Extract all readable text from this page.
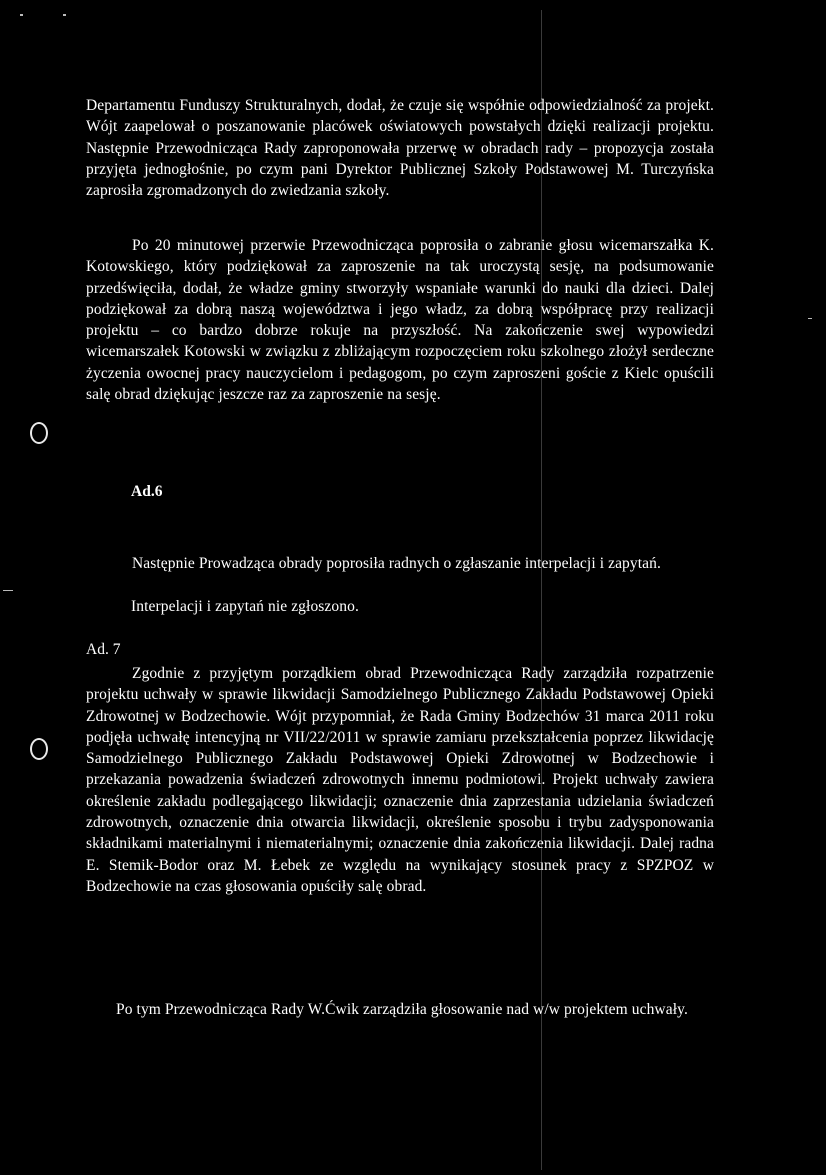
Departamentu Funduszy Strukturalnych, dodał, że czuje się współnie odpowiedzialność za projekt. Wójt zaapelował o poszanowanie placówek oświatowych powstałych dzięki realizacji projektu. Następnie Przewodnicząca Rady zaproponowała przerwę w obradach rady – propozycja została przyjęta jednogłośnie, po czym pani Dyrektor Publicznej Szkoły Podstawowej M. Turczyńska zaprosiła zgromadzonych do zwiedzania szkoły.
Po 20 minutowej przerwie Przewodnicząca poprosiła o zabranie głosu wicemarszałka K. Kotowskiego, który podziękował za zaproszenie na tak uroczystą sesję, na podsumowanie przedświęciła, dodał, że władze gminy stworzyły wspaniałe warunki do nauki dla dzieci. Dalej podziękował za dobrą naszą województwa i jego władz, za dobrą współpracę przy realizacji projektu – co bardzo dobrze rokuje na przyszłość. Na zakończenie swej wypowiedzi wicemarszałek Kotowski w związku z zbliżającym rozpoczęciem roku szkolnego złożył serdeczne życzenia owocnej pracy nauczycielom i pedagogom, po czym zaproszeni goście z Kielc opuścili salę obrad dziękując jeszcze raz za zaproszenie na sesję.
Ad.6
Następnie Prowadząca obrady poprosiła radnych o zgłaszanie interpelacji i zapytań.
Interpelacji i zapytań nie zgłoszono.
Ad. 7
Zgodnie z przyjętym porządkiem obrad Przewodnicząca Rady zarządziła rozpatrzenie projektu uchwały w sprawie likwidacji Samodzielnego Publicznego Zakładu Podstawowej Opieki Zdrowotnej w Bodzechowie. Wójt przypomniał, że Rada Gminy Bodzechów 31 marca 2011 roku podjęła uchwałę intencyjną nr VII/22/2011 w sprawie zamiaru przekształcenia poprzez likwidację Samodzielnego Publicznego Zakładu Podstawowej Opieki Zdrowotnej w Bodzechowie i przekazania powadzenia świadczeń zdrowotnych innemu podmiotowi. Projekt uchwały zawiera określenie zakładu podlegającego likwidacji; oznaczenie dnia zaprzestania udzielania świadczeń zdrowotnych, oznaczenie dnia otwarcia likwidacji, określenie sposobu i trybu zadysponowania składnikami materialnymi i niematerialnymi; oznaczenie dnia zakończenia likwidacji. Dalej radna E. Stemik-Bodor oraz M. Łebek ze względu na wynikający stosunek pracy z SPZPOZ w Bodzechowie na czas głosowania opuściły salę obrad.
Po tym Przewodnicząca Rady W.Ćwik zarządziła głosowanie nad w/w projektem uchwały.
